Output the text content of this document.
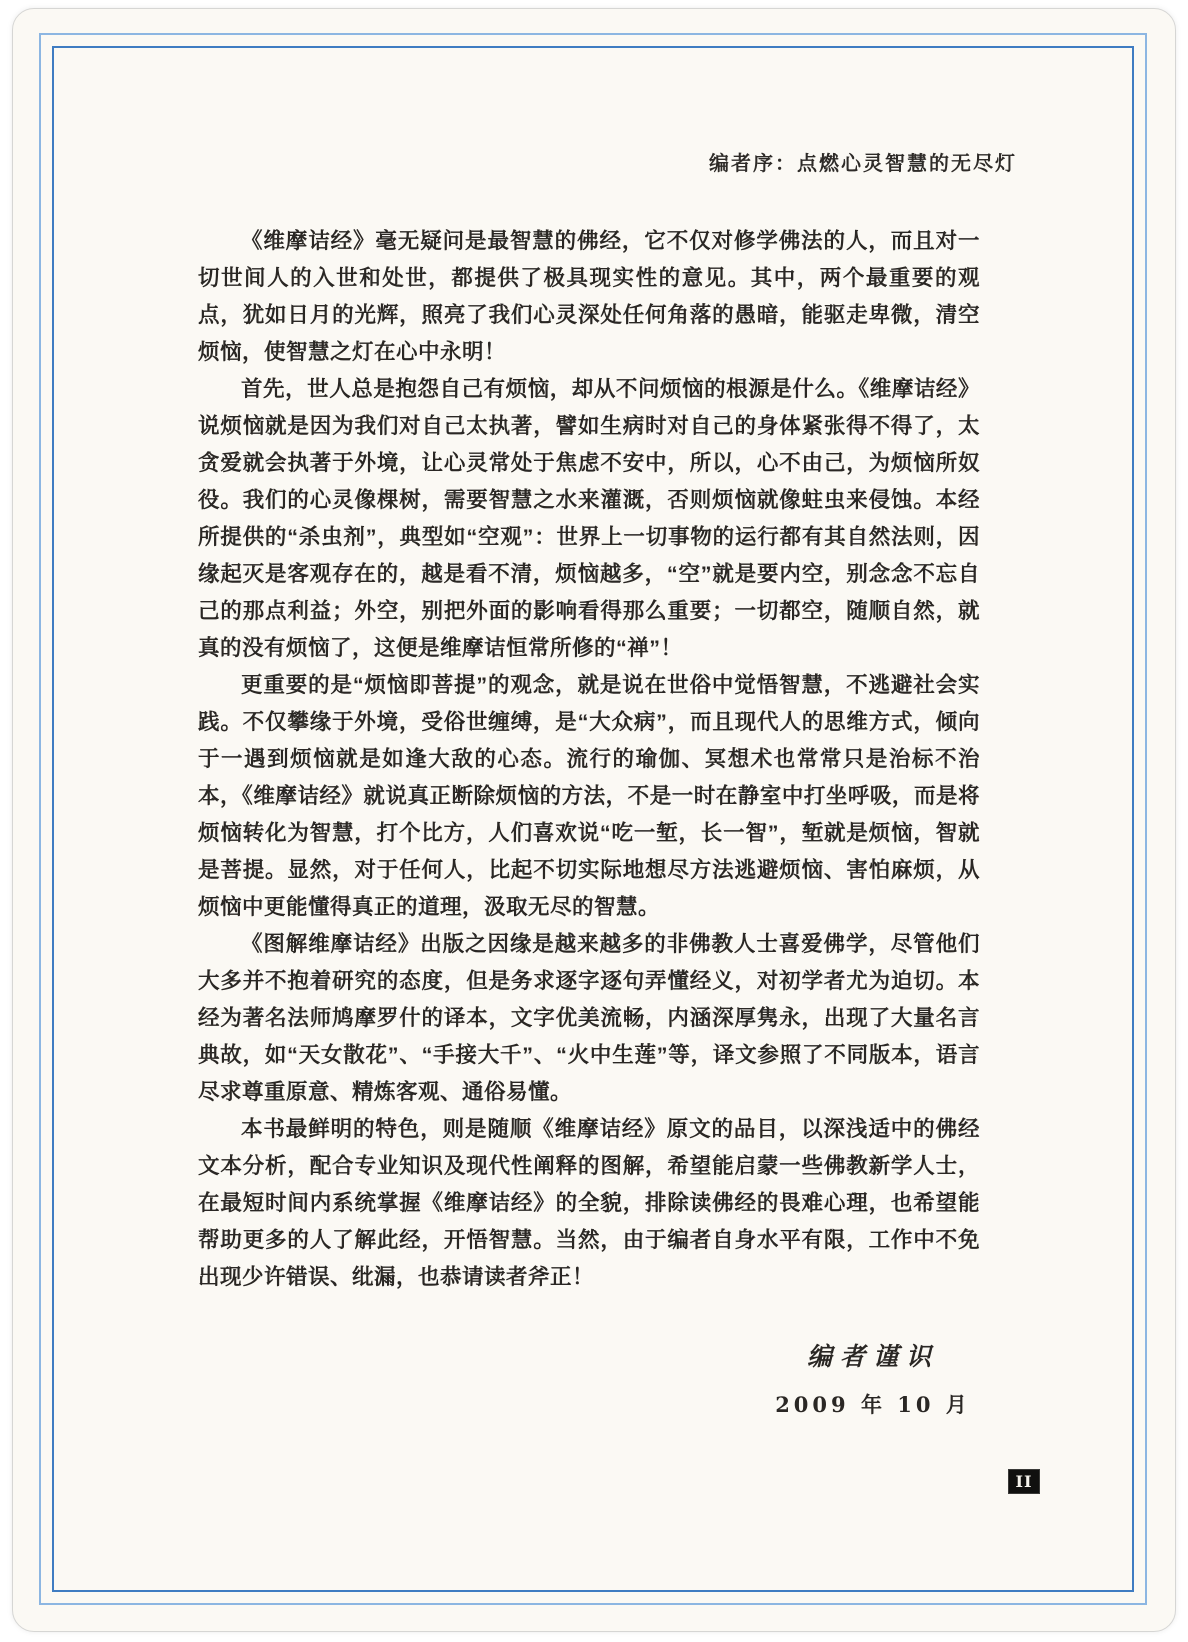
编者序：点燃心灵智慧的无尽灯

《维摩诘经》毫无疑问是最智慧的佛经，它不仅对修学佛法的人，而且对一切世间人的入世和处世，都提供了极具现实性的意见。其中，两个最重要的观点，犹如日月的光辉，照亮了我们心灵深处任何角落的愚暗，能驱走卑微，清空烦恼，使智慧之灯在心中永明！

首先，世人总是抱怨自己有烦恼，却从不问烦恼的根源是什么。《维摩诘经》说烦恼就是因为我们对自己太执著，譬如生病时对自己的身体紧张得不得了，太贪爱就会执著于外境，让心灵常处于焦虑不安中，所以，心不由己，为烦恼所奴役。我们的心灵像棵树，需要智慧之水来灌溉，否则烦恼就像蛀虫来侵蚀。本经所提供的“杀虫剂”，典型如“空观”：世界上一切事物的运行都有其自然法则，因缘起灭是客观存在的，越是看不清，烦恼越多，“空”就是要内空，别念念不忘自己的那点利益；外空，别把外面的影响看得那么重要；一切都空，随顺自然，就真的没有烦恼了，这便是维摩诘恒常所修的“禅”！

更重要的是“烦恼即菩提”的观念，就是说在世俗中觉悟智慧，不逃避社会实践。不仅攀缘于外境，受俗世缠缚，是“大众病”，而且现代人的思维方式，倾向于一遇到烦恼就是如逢大敌的心态。流行的瑜伽、冥想术也常常只是治标不治本，《维摩诘经》就说真正断除烦恼的方法，不是一时在静室中打坐呼吸，而是将烦恼转化为智慧，打个比方，人们喜欢说“吃一堑，长一智”，堑就是烦恼，智就是菩提。显然，对于任何人，比起不切实际地想尽方法逃避烦恼、害怕麻烦，从烦恼中更能懂得真正的道理，汲取无尽的智慧。

《图解维摩诘经》出版之因缘是越来越多的非佛教人士喜爱佛学，尽管他们大多并不抱着研究的态度，但是务求逐字逐句弄懂经义，对初学者尤为迫切。本经为著名法师鸠摩罗什的译本，文字优美流畅，内涵深厚隽永，出现了大量名言典故，如“天女散花”、“手接大千”、“火中生莲”等，译文参照了不同版本，语言尽求尊重原意、精炼客观、通俗易懂。

本书最鲜明的特色，则是随顺《维摩诘经》原文的品目，以深浅适中的佛经文本分析，配合专业知识及现代性阐释的图解，希望能启蒙一些佛教新学人士，在最短时间内系统掌握《维摩诘经》的全貌，排除读佛经的畏难心理，也希望能帮助更多的人了解此经，开悟智慧。当然，由于编者自身水平有限，工作中不免出现少许错误、纰漏，也恭请读者斧正！

编者谨识
2009 年 10 月
II
